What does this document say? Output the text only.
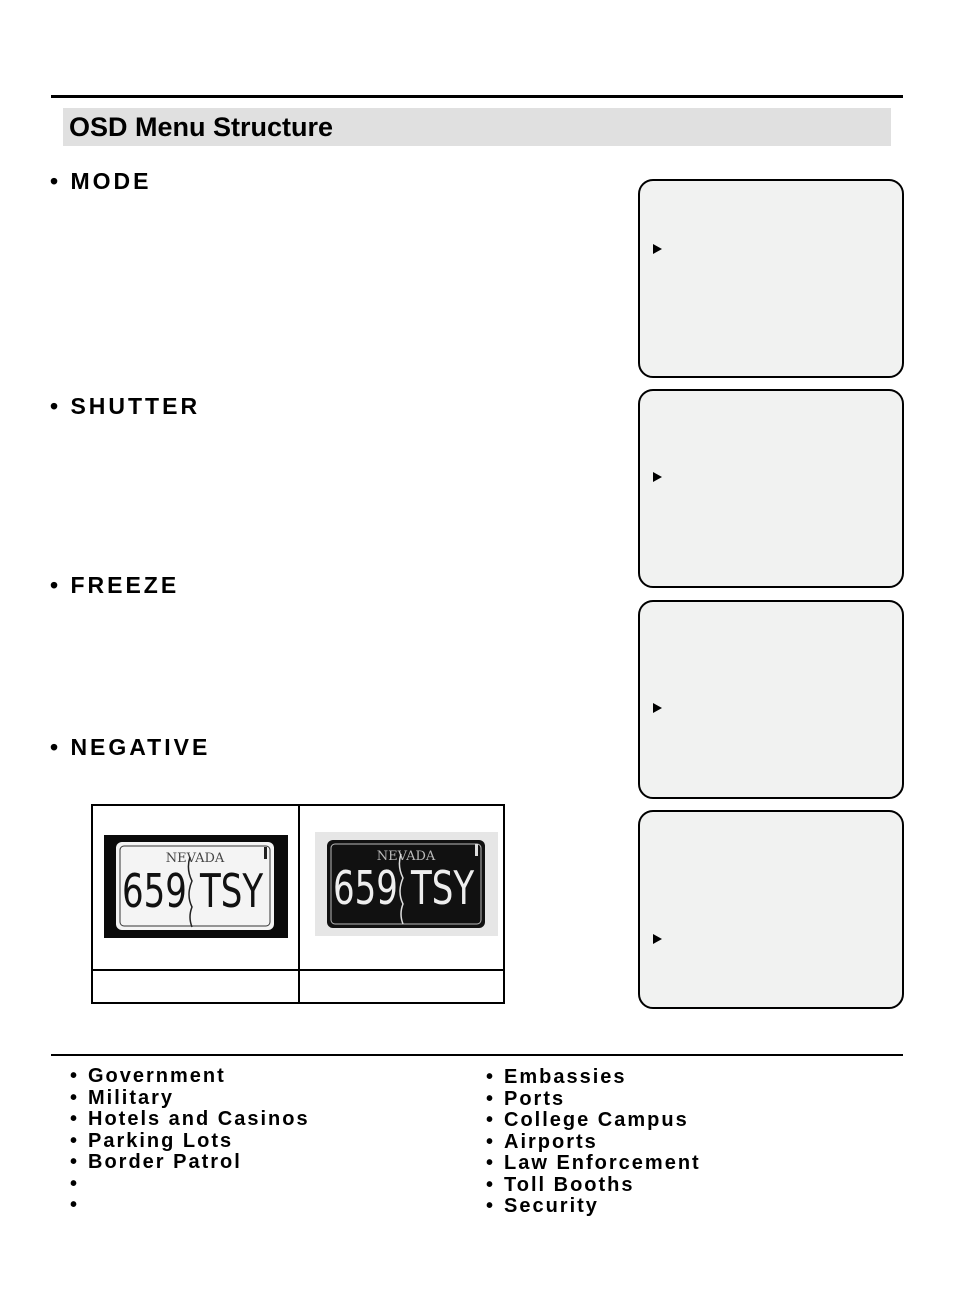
OSD Menu Structure
• MODE
• SHUTTER
• FREEZE
• NEGATIVE
NEVADA
659 TSY
NEVADA
659 TSY
• Government
• Military
• Hotels and Casinos
• Parking Lots
• Border Patrol
•
•
• Embassies
• Ports
• College Campus
• Airports
• Law Enforcement
• Toll Booths
• Security
